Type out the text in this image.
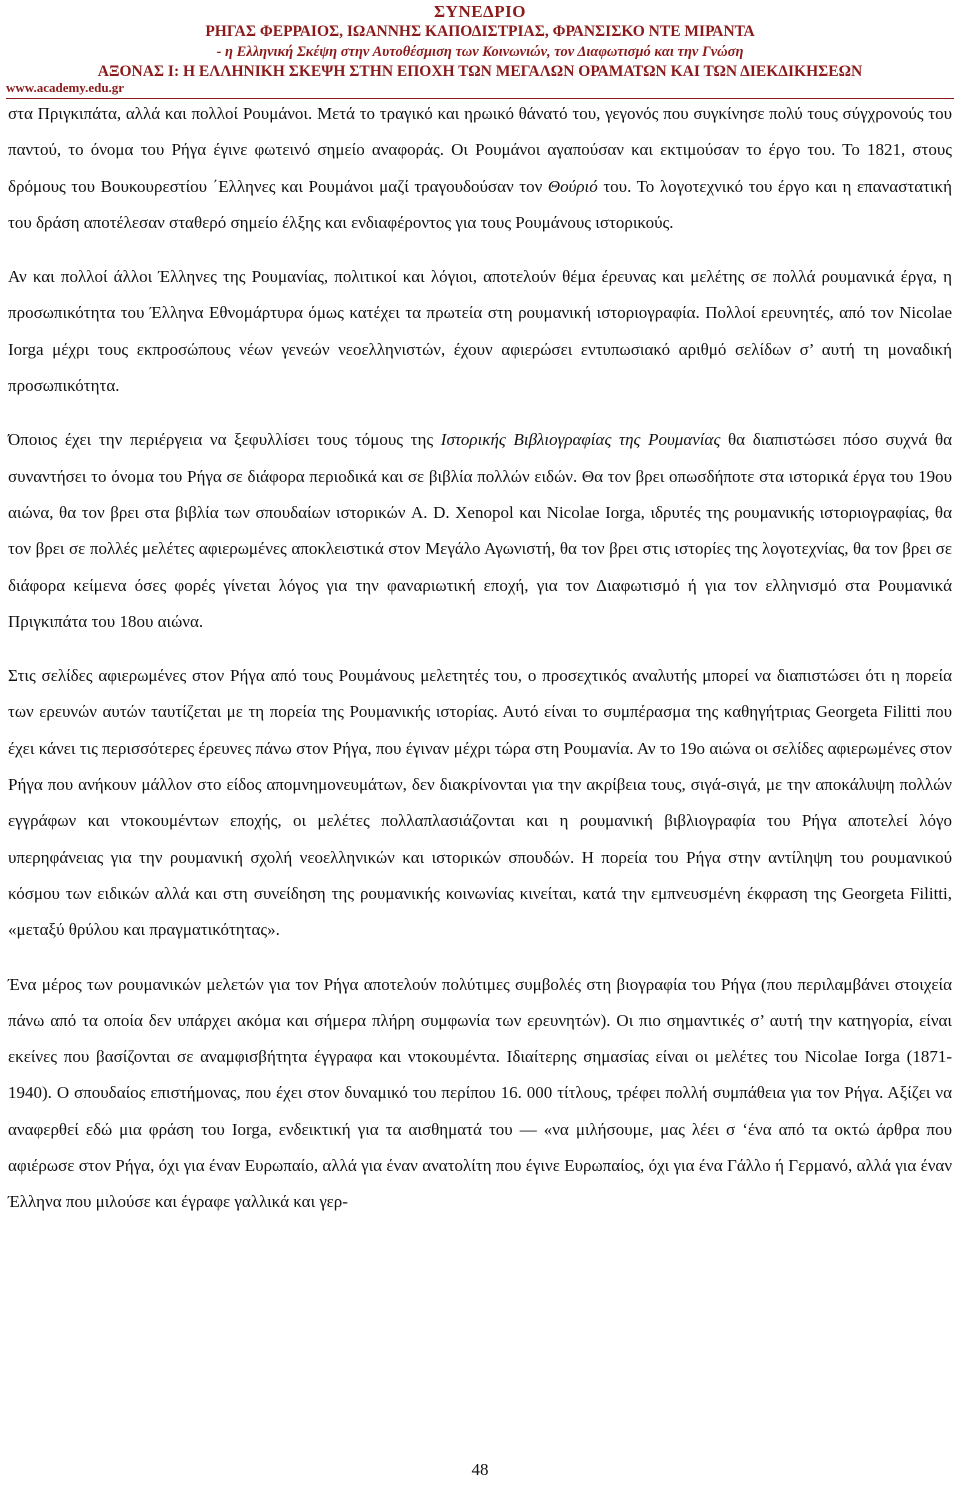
ΣΥΝΕΔΡΙΟ
ΡΗΓΑΣ ΦΕΡΡΑΙΟΣ, ΙΩΑΝΝΗΣ ΚΑΠΟΔΙΣΤΡΙΑΣ, ΦΡΑΝΣΙΣΚΟ ΝΤΕ ΜΙΡΑΝΤΑ
- η Ελληνική Σκέψη στην Αυτοθέσμιση των Κοινωνιών, τον Διαφωτισμό και την Γνώση
ΑΞΟΝΑΣ Ι: Η ΕΛΛΗΝΙΚΗ ΣΚΕΨΗ ΣΤΗΝ ΕΠΟΧΗ ΤΩΝ ΜΕΓΑΛΩΝ ΟΡΑΜΑΤΩΝ ΚΑΙ ΤΩΝ ΔΙΕΚΔΙΚΗΣΕΩΝ
www.academy.edu.gr

στα Πριγκιπάτα, αλλά και πολλοί Ρουμάνοι. Μετά το τραγικό και ηρωικό θάνατό του, γεγονός που συγκίνησε πολύ τους σύγχρονούς του παντού, το όνομα του Ρήγα έγινε φωτεινό σημείο αναφοράς. Οι Ρουμάνοι αγαπούσαν και εκτιμούσαν το έργο του. Το 1821, στους δρόμους του Βουκουρεστίου ΄Ελληνες και Ρουμάνοι μαζί τραγουδούσαν τον Θούριό του. Το λογοτεχνικό του έργο και η επαναστατική του δράση αποτέλεσαν σταθερό σημείο έλξης και ενδιαφέροντος για τους Ρουμάνους ιστορικούς.

Αν και πολλοί άλλοι Έλληνες της Ρουμανίας, πολιτικοί και λόγιοι, αποτελούν θέμα έρευνας και μελέτης σε πολλά ρουμανικά έργα, η προσωπικότητα του Έλληνα Εθνομάρτυρα όμως κατέχει τα πρωτεία στη ρουμανική ιστοριογραφία. Πολλοί ερευνητές, από τον Nicolae Iorga μέχρι τους εκπροσώπους νέων γενεών νεοελληνιστών, έχουν αφιερώσει εντυπωσιακό αριθμό σελίδων σ’ αυτή τη μοναδική προσωπικότητα.

Όποιος έχει την περιέργεια να ξεφυλλίσει τους τόμους της Ιστορικής Βιβλιογραφίας της Ρουμανίας θα διαπιστώσει πόσο συχνά θα συναντήσει το όνομα του Ρήγα σε διάφορα περιοδικά και σε βιβλία πολλών ειδών. Θα τον βρει οπωσδήποτε στα ιστορικά έργα του 19ου αιώνα, θα τον βρει στα βιβλία των σπουδαίων ιστορικών A. D. Xenopol και Nicolae Iorga, ιδρυτές της ρουμανικής ιστοριογραφίας, θα τον βρει σε πολλές μελέτες αφιερωμένες αποκλειστικά στον Μεγάλο Αγωνιστή, θα τον βρει στις ιστορίες της λογοτεχνίας, θα τον βρει σε διάφορα κείμενα όσες φορές γίνεται λόγος για την φαναριωτική εποχή, για τον Διαφωτισμό ή για τον ελληνισμό στα Ρουμανικά Πριγκιπάτα του 18ου αιώνα.

Στις σελίδες αφιερωμένες στον Ρήγα από τους Ρουμάνους μελετητές του, ο προσεχτικός αναλυτής μπορεί να διαπιστώσει ότι η πορεία των ερευνών αυτών ταυτίζεται με τη πορεία της Ρουμανικής ιστορίας. Αυτό είναι το συμπέρασμα της καθηγήτριας Georgeta Filitti που έχει κάνει τις περισσότερες έρευνες πάνω στον Ρήγα, που έγιναν μέχρι τώρα στη Ρουμανία. Αν το 19ο αιώνα οι σελίδες αφιερωμένες στον Ρήγα που ανήκουν μάλλον στο είδος απομνημονευμάτων, δεν διακρίνονται για την ακρίβεια τους, σιγά-σιγά, με την αποκάλυψη πολλών εγγράφων και ντοκουμέντων εποχής, οι μελέτες πολλαπλασιάζονται και η ρουμανική βιβλιογραφία του Ρήγα αποτελεί λόγο υπερηφάνειας για την ρουμανική σχολή νεοελληνικών και ιστορικών σπουδών. Η πορεία του Ρήγα στην αντίληψη του ρουμανικού κόσμου των ειδικών αλλά και στη συνείδηση της ρουμανικής κοινωνίας κινείται, κατά την εμπνευσμένη έκφραση της Georgeta Filitti, «μεταξύ θρύλου και πραγματικότητας».

Ένα μέρος των ρουμανικών μελετών για τον Ρήγα αποτελούν πολύτιμες συμβολές στη βιογραφία του Ρήγα (που περιλαμβάνει στοιχεία πάνω από τα οποία δεν υπάρχει ακόμα και σήμερα πλήρη συμφωνία των ερευνητών). Οι πιο σημαντικές σ’ αυτή την κατηγορία, είναι εκείνες που βασίζονται σε αναμφισβήτητα έγγραφα και ντοκουμέντα. Ιδιαίτερης σημασίας είναι οι μελέτες του Nicolae Iorga (1871-1940). Ο σπουδαίος επιστήμονας, που έχει στον δυναμικό του περίπου 16. 000 τίτλους, τρέφει πολλή συμπάθεια για τον Ρήγα. Αξίζει να αναφερθεί εδώ μια φράση του Iorga, ενδεικτική για τα αισθηματά του — «να μιλήσουμε, μας λέει σ ‘ένα από τα οκτώ άρθρα που αφιέρωσε στον Ρήγα, όχι για έναν Ευρωπαίο, αλλά για έναν ανατολίτη που έγινε Ευρωπαίος, όχι για ένα Γάλλο ή Γερμανό, αλλά για έναν Έλληνα που μιλούσε και έγραφε γαλλικά και γερ-

48
